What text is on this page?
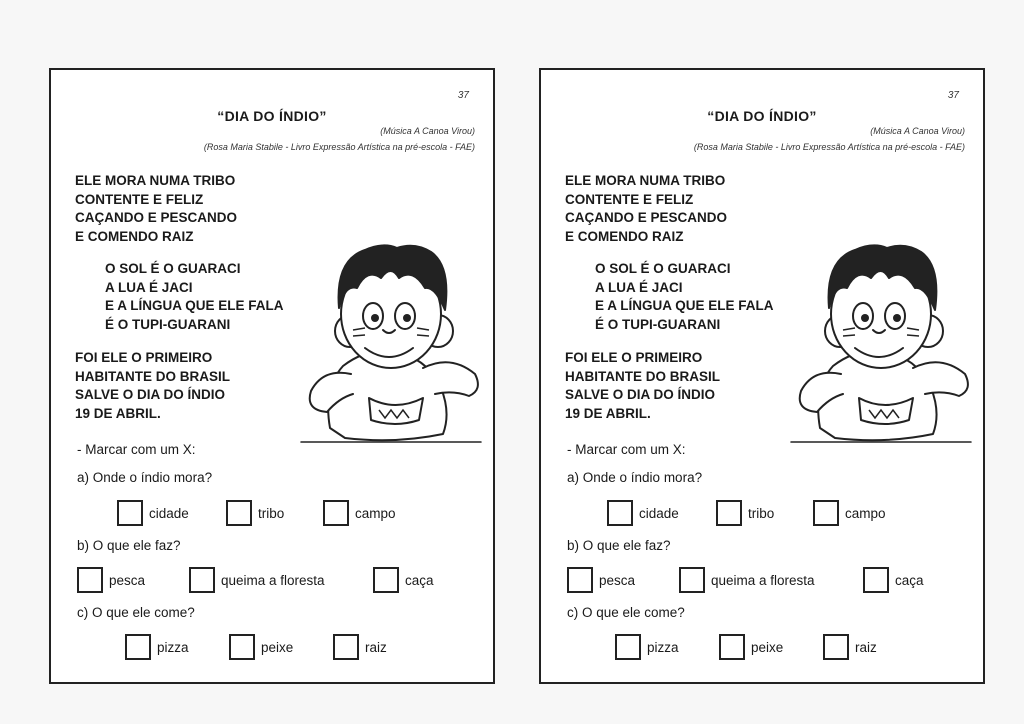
37
“DIA DO ÍNDIO”
(Música A Canoa Virou)
(Rosa Maria Stabile - Livro Expressão Artística na pré-escola - FAE)
ELE MORA NUMA TRIBO
CONTENTE E FELIZ
CAÇANDO E PESCANDO
E COMENDO RAIZ
O SOL É O GUARACI
A LUA É JACI
E A LÍNGUA QUE ELE FALA
É O TUPI-GUARANI
FOI ELE O PRIMEIRO
HABITANTE DO BRASIL
SALVE O DIA DO ÍNDIO
19 DE ABRIL.
- Marcar com um X:
a) Onde o índio mora?
cidade	tribo	campo
b) O que ele faz?
pesca	queima a floresta	caça
c) O que ele come?
pizza	peixe	raiz
37
“DIA DO ÍNDIO”
(Música A Canoa Virou)
(Rosa Maria Stabile - Livro Expressão Artística na pré-escola - FAE)
ELE MORA NUMA TRIBO
CONTENTE E FELIZ
CAÇANDO E PESCANDO
E COMENDO RAIZ
O SOL É O GUARACI
A LUA É JACI
E A LÍNGUA QUE ELE FALA
É O TUPI-GUARANI
FOI ELE O PRIMEIRO
HABITANTE DO BRASIL
SALVE O DIA DO ÍNDIO
19 DE ABRIL.
- Marcar com um X:
a) Onde o índio mora?
cidade	tribo	campo
b) O que ele faz?
pesca	queima a floresta	caça
c) O que ele come?
pizza	peixe	raiz
